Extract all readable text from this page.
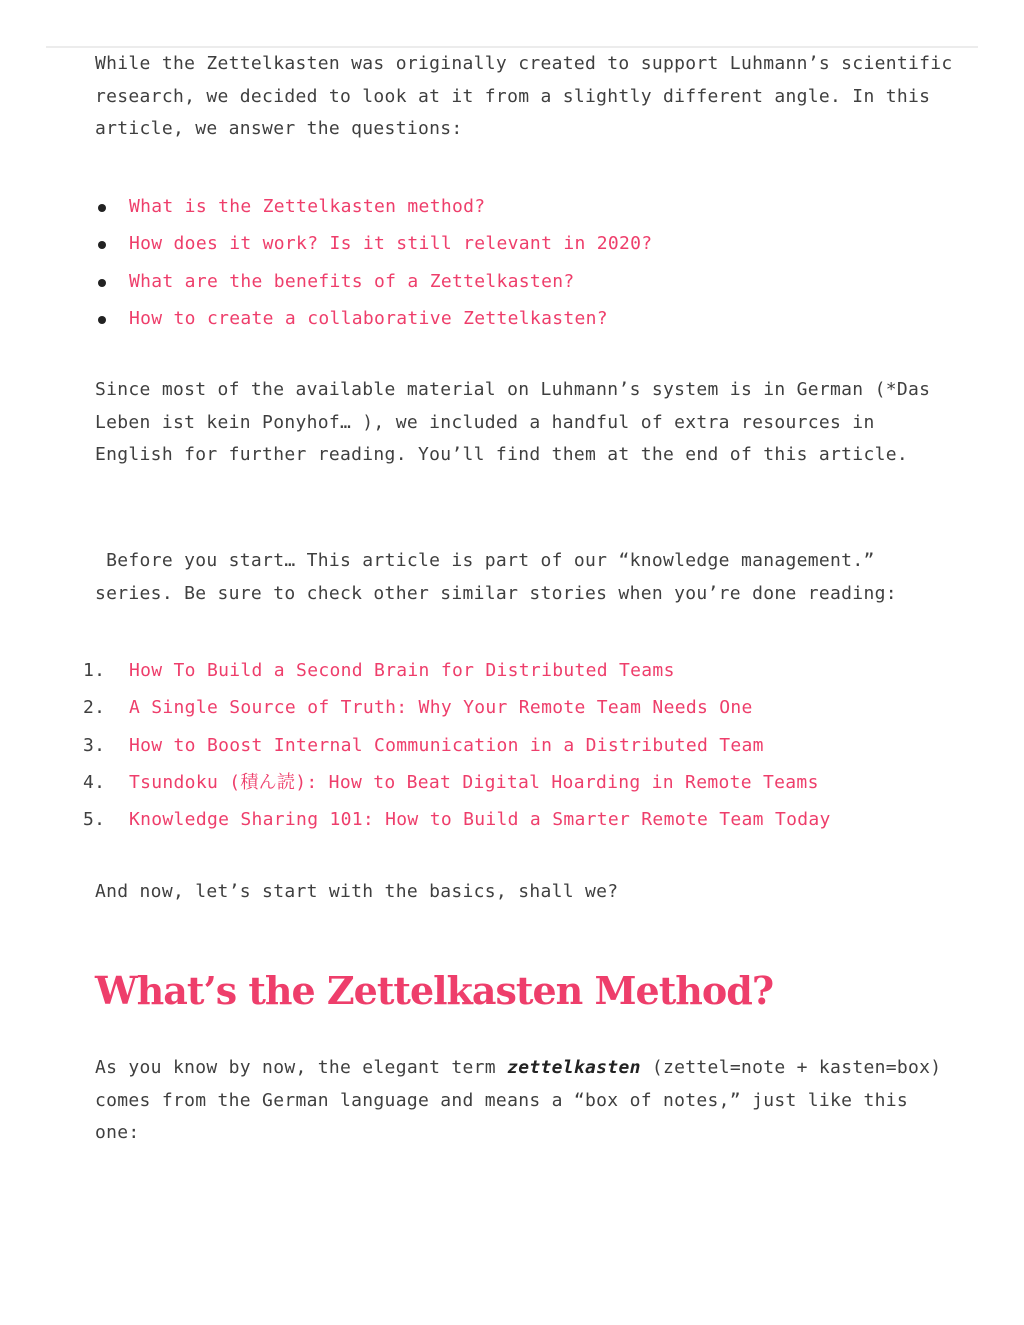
While the Zettelkasten was originally created to support Luhmann’s scientific research, we decided to look at it from a slightly different angle. In this article, we answer the questions:

What is the Zettelkasten method?
How does it work? Is it still relevant in 2020?
What are the benefits of a Zettelkasten?
How to create a collaborative Zettelkasten?

Since most of the available material on Luhmann’s system is in German (*Das Leben ist kein Ponyhof… ), we included a handful of extra resources in English for further reading. You’ll find them at the end of this article.

Before you start… This article is part of our “knowledge management.” series. Be sure to check other similar stories when you’re done reading:

1. How To Build a Second Brain for Distributed Teams
2. A Single Source of Truth: Why Your Remote Team Needs One
3. How to Boost Internal Communication in a Distributed Team
4. Tsundoku (積ん読): How to Beat Digital Hoarding in Remote Teams
5. Knowledge Sharing 101: How to Build a Smarter Remote Team Today

And now, let’s start with the basics, shall we?

What’s the Zettelkasten Method?

As you know by now, the elegant term zettelkasten (zettel=note + kasten=box) comes from the German language and means a “box of notes,” just like this one:
